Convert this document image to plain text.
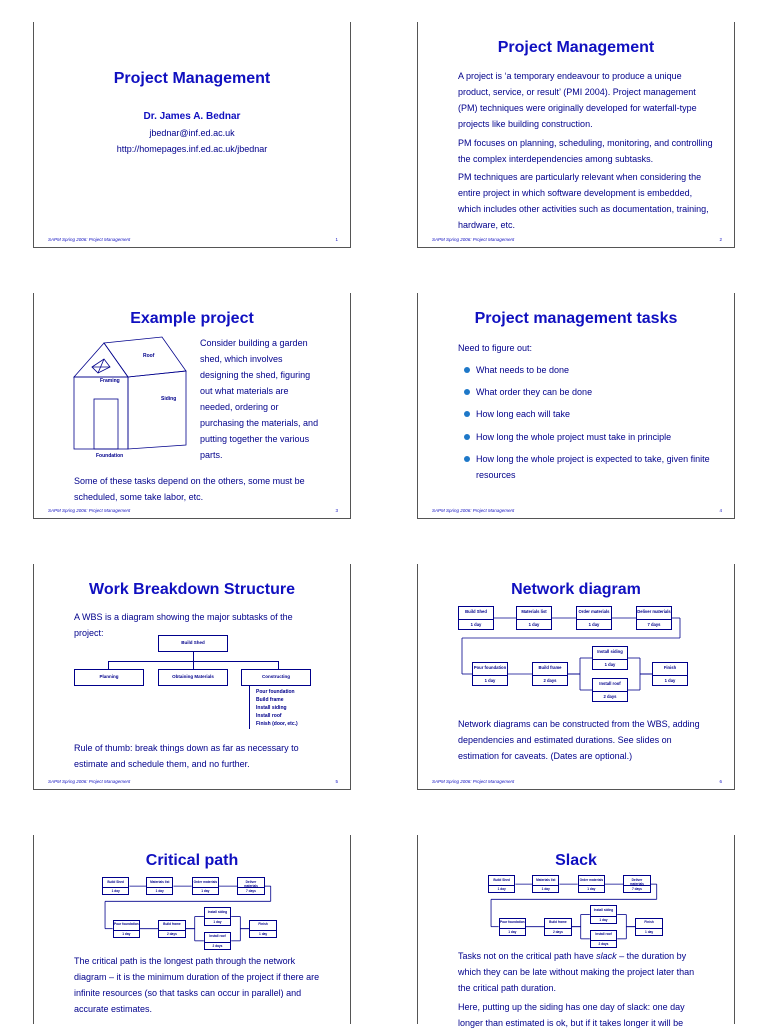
Project Management
Dr. James A. Bednar
jbednar@inf.ed.ac.uk
http://homepages.inf.ed.ac.uk/jbednar
SAPM Spring 2006: Project Management	1
Project Management
A project is ‘a temporary endeavour to produce a unique product, service, or result’ (PMI 2004). Project management (PM) techniques were originally developed for waterfall-type projects like building construction.
PM focuses on planning, scheduling, monitoring, and controlling the complex interdependencies among subtasks.
PM techniques are particularly relevant when considering the entire project in which software development is embedded, which includes other activities such as documentation, training, hardware, etc.
SAPM Spring 2006: Project Management	2
Example project
Roof
Framing
Siding
Foundation
Consider building a garden shed, which involves designing the shed, figuring out what materials are needed, ordering or purchasing the materials, and putting together the various parts.
Some of these tasks depend on the others, some must be scheduled, some take labor, etc.
SAPM Spring 2006: Project Management	3
Project management tasks
Need to figure out:
What needs to be done
What order they can be done
How long each will take
How long the whole project must take in principle
How long the whole project is expected to take, given finite resources
SAPM Spring 2006: Project Management	4
Work Breakdown Structure
A WBS is a diagram showing the major subtasks of the project:
Build Shed
Planning	Obtaining Materials	Constructing
Pour foundation
Build frame
Install siding
Install roof
Finish (door, etc.)
Rule of thumb: break things down as far as necessary to estimate and schedule them, and no further.
SAPM Spring 2006: Project Management	5
Network diagram
Build Shed
1 day
Materials list
1 day
Order materials
1 day
Deliver materials
7 days
Pour foundation
1 day
Build frame
2 days
Install siding
1 day
Install roof
2 days
Finish
1 day
Network diagrams can be constructed from the WBS, adding dependencies and estimated durations. See slides on estimation for caveats. (Dates are optional.)
SAPM Spring 2006: Project Management	6
Critical path
Build Shed
1 day
Materials list
1 day
Order materials
1 day
Deliver materials
7 days
Pour foundation
1 day
Build frame
2 days
Install siding
1 day
Install roof
2 days
Finish
1 day
The critical path is the longest path through the network diagram – it is the minimum duration of the project if there are infinite resources (so that tasks can occur in parallel) and accurate estimates.
Slack
Build Shed
1 day
Materials list
1 day
Order materials
1 day
Deliver materials
7 days
Pour foundation
1 day
Build frame
2 days
Install siding
1 day
Install roof
2 days
Finish
1 day
Tasks not on the critical path have slack – the duration by which they can be late without making the project later than the critical path duration.
Here, putting up the siding has one day of slack: one day longer than estimated is ok, but if it takes longer it will be
